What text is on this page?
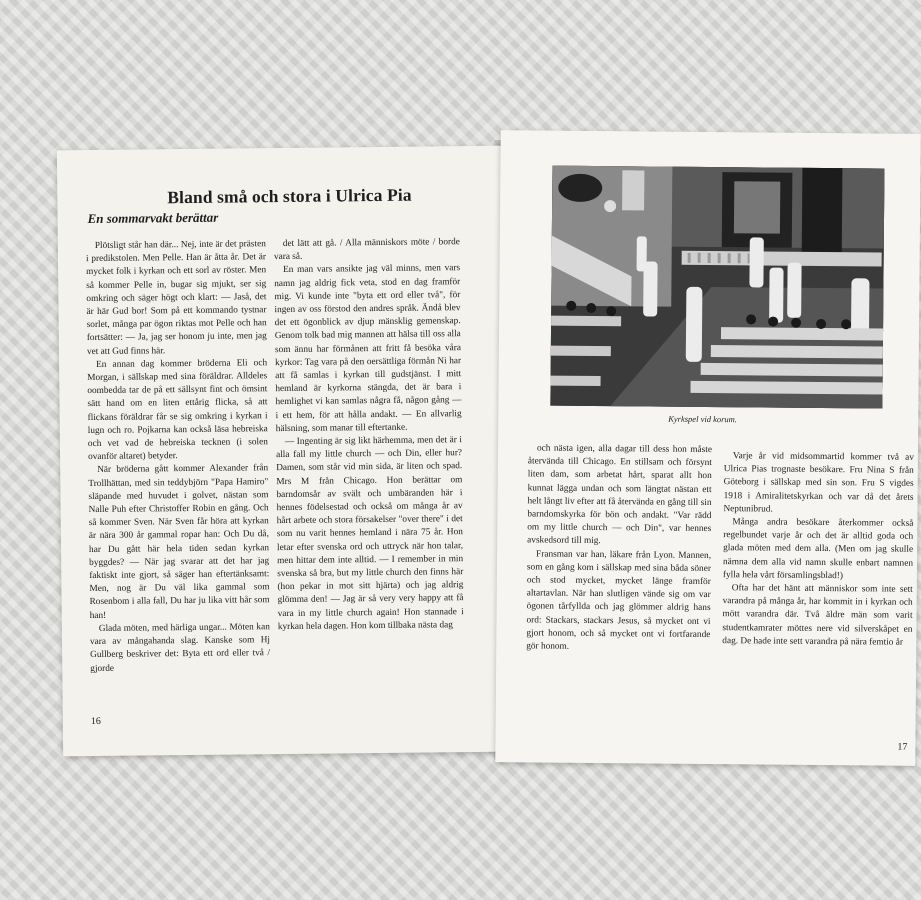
Bland små och stora i Ulrica Pia
En sommarvakt berättar

Plötsligt står han där... Nej, inte är det prästen i predikstolen. Men Pelle. Han är åtta år. Det är mycket folk i kyrkan och ett sorl av röster. Men så kommer Pelle in, bugar sig mjukt, ser sig omkring och säger högt och klart: — Jaså, det är här Gud bor! Som på ett kommando tystnar sorlet, många par ögon riktas mot Pelle och han fortsätter: — Ja, jag ser honom ju inte, men jag vet att Gud finns här.

En annan dag kommer bröderna Eli och Morgan, i sällskap med sina föräldrar. Alldeles oombedda tar de på ett sällsynt fint och ömsint sätt hand om en liten ettårig flicka, så att flickans föräldrar får se sig omkring i kyrkan i lugn och ro. Pojkarna kan också läsa hebreiska och vet vad de hebreiska tecknen (i solen ovanför altaret) betyder.

När bröderna gått kommer Alexander från Trollhättan, med sin teddybjörn "Papa Hamiro" släpande med huvudet i golvet, nästan som Nalle Puh efter Christoffer Robin en gång. Och så kommer Sven. När Sven får höra att kyrkan är nära 300 år gammal ropar han: Och Du då, har Du gått här hela tiden sedan kyrkan byggdes? — När jag svarar att det har jag faktiskt inte gjort, så säger han eftertänksamt: Men, nog är Du väl lika gammal som Rosenbom i alla fall, Du har ju lika vitt hår som han!

Glada möten, med härliga ungar... Möten kan vara av mångahanda slag. Kanske som Hj Gullberg beskriver det: Byta ett ord eller två / gjorde

det lätt att gå. / Alla människors möte / borde vara så.

En man vars ansikte jag väl minns, men vars namn jag aldrig fick veta, stod en dag framför mig. Vi kunde inte "byta ett ord eller två", för ingen av oss förstod den andres språk. Ändå blev det ett ögonblick av djup mänsklig gemenskap. Genom tolk bad mig mannen att hälsa till oss alla som ännu har förmånen att fritt få besöka våra kyrkor: Tag vara på den oersättliga förmån Ni har att få samlas i kyrkan till gudstjänst. I mitt hemland är kyrkorna stängda, det är bara i hemlighet vi kan samlas några få, någon gång — i ett hem, för att hålla andakt. — En allvarlig hälsning, som manar till eftertanke.

— Ingenting är sig likt härhemma, men det är i alla fall my little church — och Din, eller hur? Damen, som står vid min sida, är liten och spad. Mrs M från Chicago. Hon berättar om barndomsår av svält och umbäranden här i hennes födelsestad och också om många år av hårt arbete och stora försakelser "over there" i det som nu varit hennes hemland i nära 75 år. Hon letar efter svenska ord och uttryck när hon talar, men hittar dem inte alltid. — I remember in min svenska så bra, but my little church den finns här (hon pekar in mot sitt hjärta) och jag aldrig glömma den! — Jag är så very very happy att få vara in my little church again! Hon stannade i kyrkan hela dagen. Hon kom tillbaka nästa dag

16
Kyrkspel vid korum.

och nästa igen, alla dagar till dess hon måste återvända till Chicago. En stillsam och försynt liten dam, som arbetat hårt, sparat allt hon kunnat lägga undan och som längtat nästan ett helt långt liv efter att få återvända en gång till sin barndomskyrka för bön och andakt. "Var rädd om my little church — och Din", var hennes avskedsord till mig.

Fransman var han, läkare från Lyon. Mannen, som en gång kom i sällskap med sina båda söner och stod mycket, mycket länge framför altartavlan. När han slutligen vände sig om var ögonen tårfyllda och jag glömmer aldrig hans ord: Stackars, stackars Jesus, så mycket ont vi gjort honom, och så mycket ont vi fortfarande gör honom.

Varje år vid midsommartid kommer två av Ulrica Pias trognaste besökare. Fru Nina S från Göteborg i sällskap med sin son. Fru S vigdes 1918 i Amiralitetskyrkan och var då det årets Neptunibrud.

Många andra besökare återkommer också regelbundet varje år och det är alltid goda och glada möten med dem alla. (Men om jag skulle nämna dem alla vid namn skulle enbart namnen fylla hela vårt församlingsblad!)

Ofta har det hänt att människor som inte sett varandra på många år, har kommit in i kyrkan och mött varandra där. Två äldre män som varit studentkamrater möttes nere vid silverskåpet en dag. De hade inte sett varandra på nära femtio år

17
